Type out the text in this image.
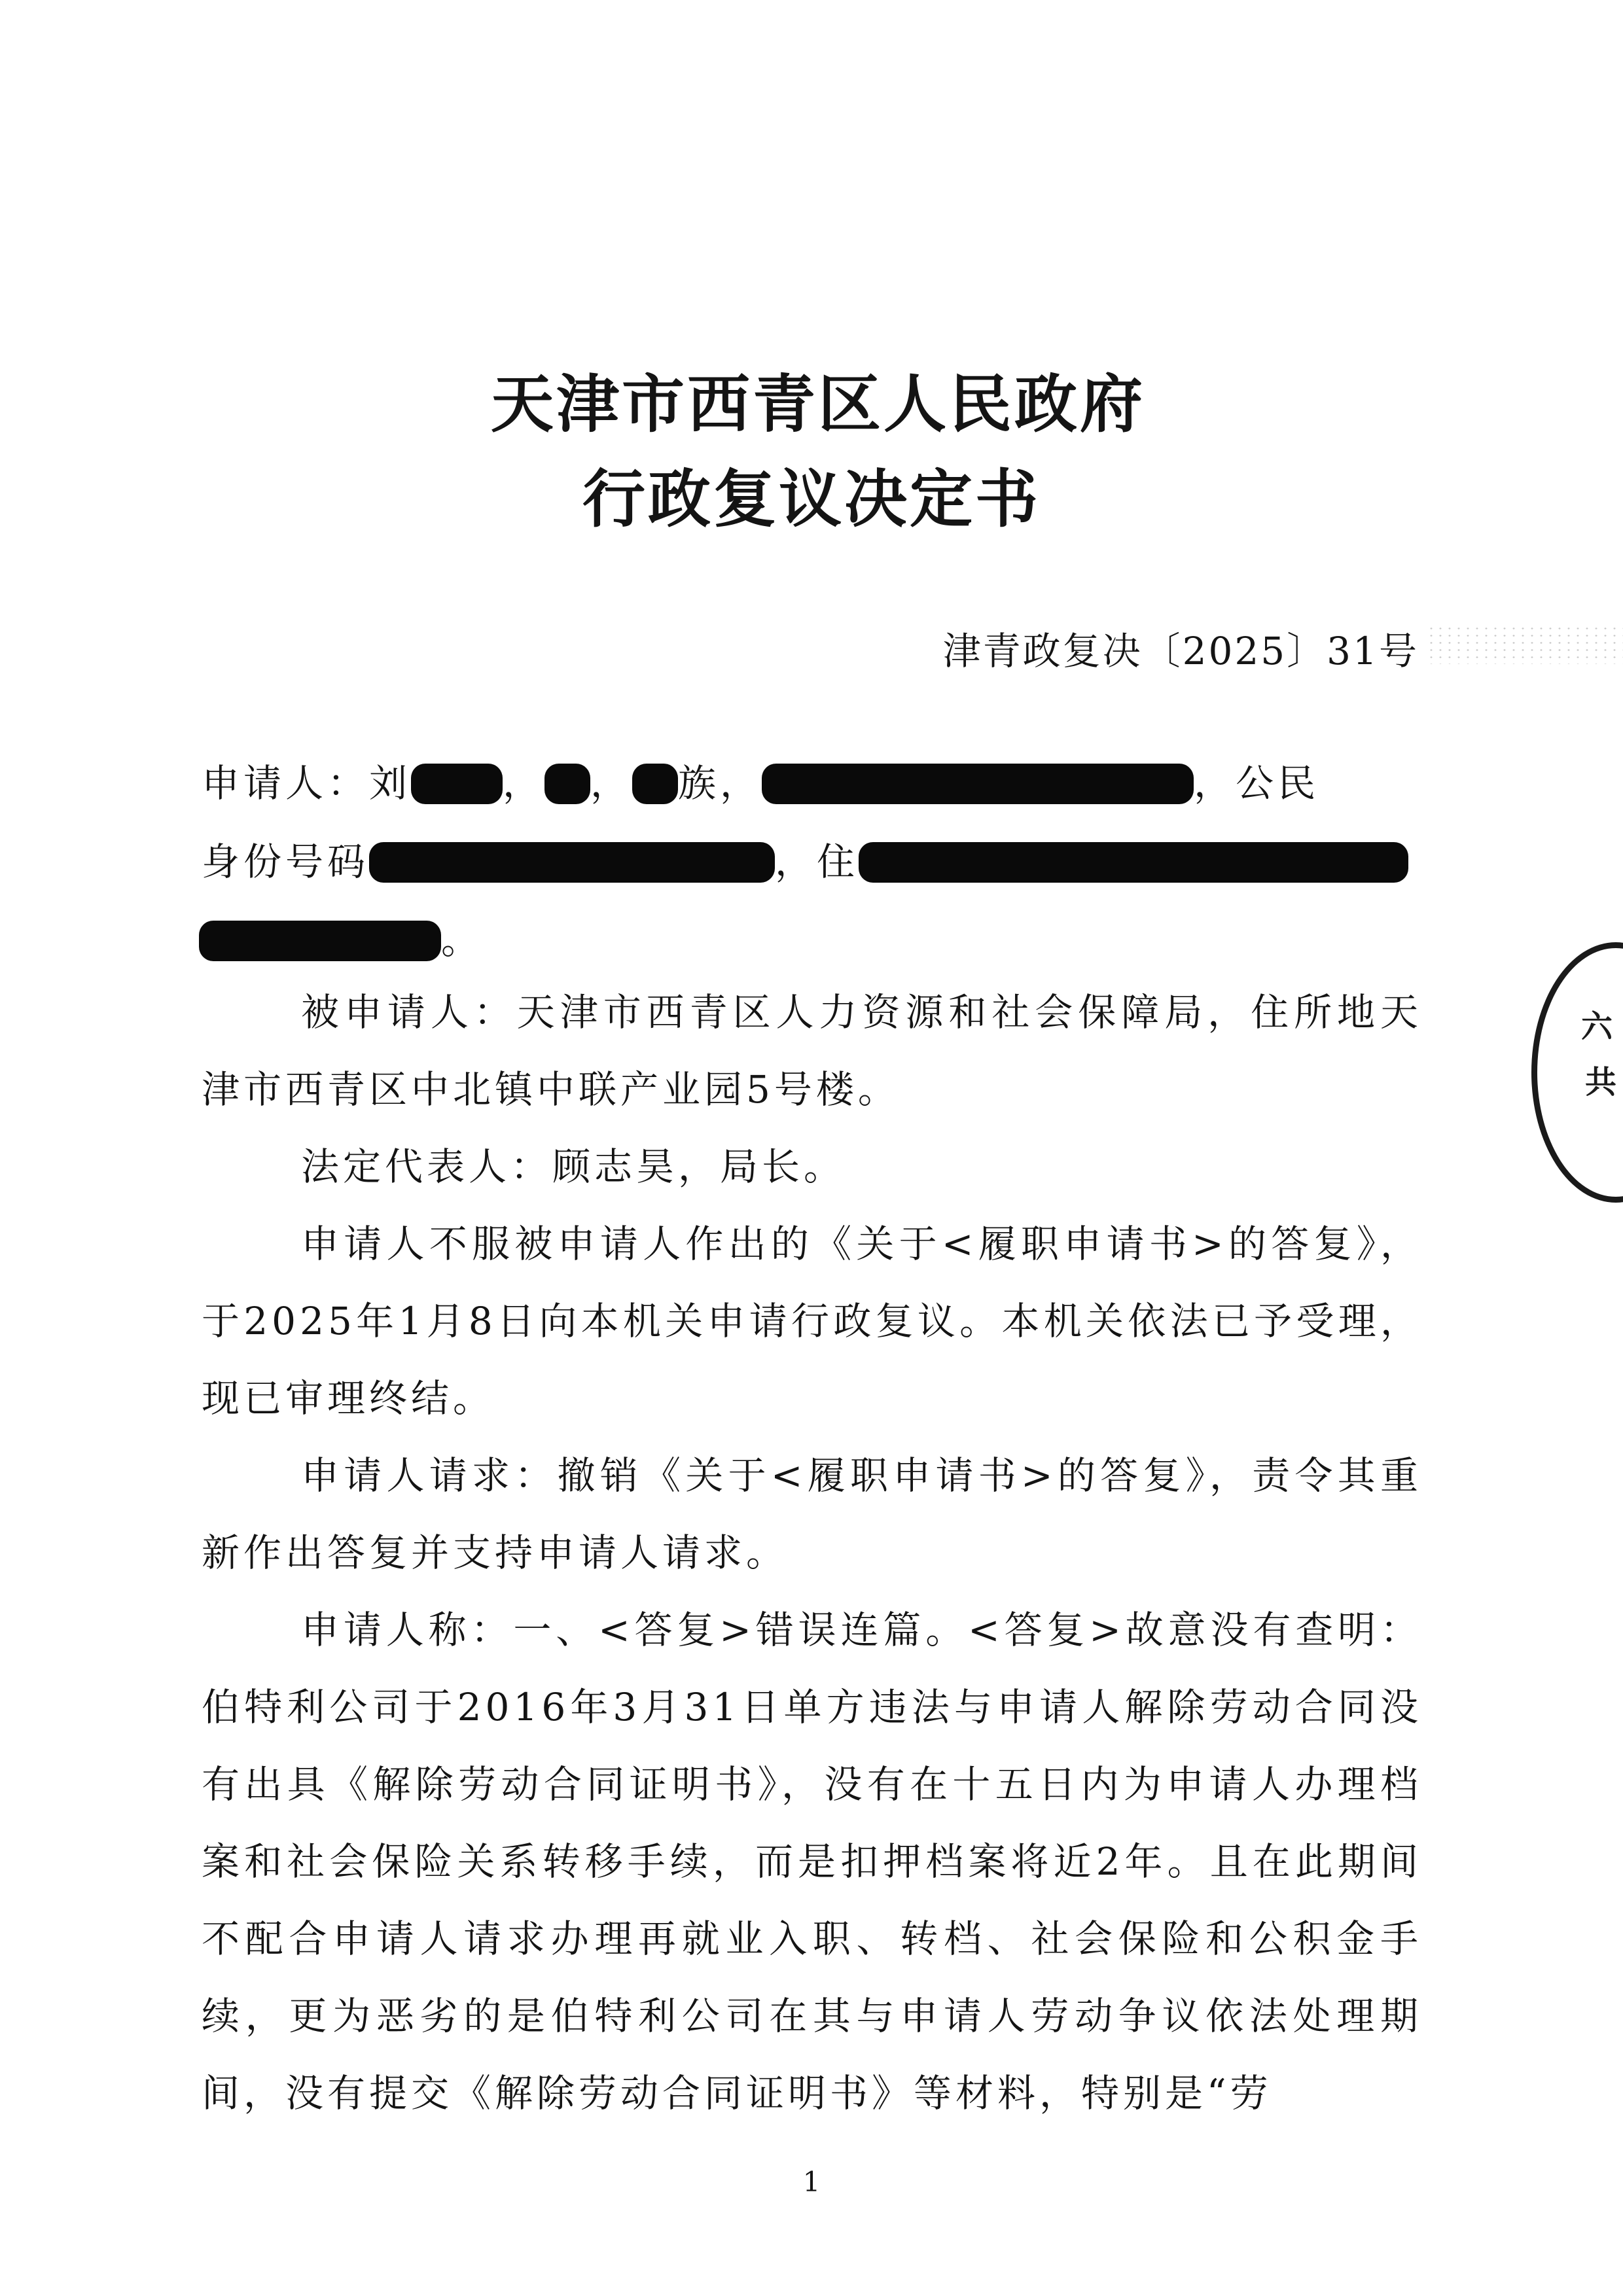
天津市西青区人民政府
行政复议决定书
津青政复决〔2025〕31号
申请人：刘 ， ， 族，	，公民
身份号码	，住
。

被申请人：天津市西青区人力资源和社会保障局，住所地天津市西青区中北镇中联产业园5号楼。

法定代表人：顾志昊，局长。

申请人不服被申请人作出的《关于<履职申请书>的答复》，于2025年1月8日向本机关申请行政复议。本机关依法已予受理，现已审理终结。

申请人请求：撤销《关于<履职申请书>的答复》，责令其重新作出答复并支持申请人请求。

申请人称：一、<答复>错误连篇。<答复>故意没有查明：伯特利公司于2016年3月31日单方违法与申请人解除劳动合同没有出具《解除劳动合同证明书》，没有在十五日内为申请人办理档案和社会保险关系转移手续，而是扣押档案将近2年。且在此期间不配合申请人请求办理再就业入职、转档、社会保险和公积金手续，更为恶劣的是伯特利公司在其与申请人劳动争议依法处理期间，没有提交《解除劳动合同证明书》等材料，特别是“劳

六
共
1
